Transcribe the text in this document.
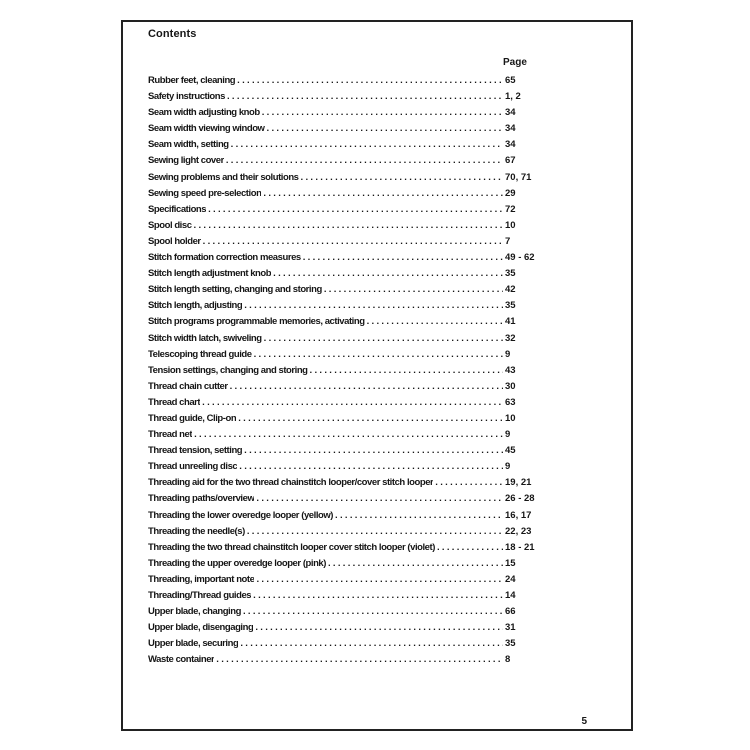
Contents
Page
Rubber feet, cleaning .....	65
Safety instructions .....	1, 2
Seam width adjusting knob .....	34
Seam width viewing window .....	34
Seam width, setting .....	34
Sewing light cover .....	67
Sewing problems and their solutions .....	70, 71
Sewing speed pre-selection .....	29
Specifications .....	72
Spool disc .....	10
Spool holder .....	7
Stitch formation correction measures .....	49 - 62
Stitch length adjustment knob .....	35
Stitch length setting, changing and storing .....	42
Stitch length, adjusting .....	35
Stitch programs programmable memories, activating .....	41
Stitch width latch, swiveling .....	32
Telescoping thread guide .....	9
Tension settings, changing and storing .....	43
Thread chain cutter .....	30
Thread chart .....	63
Thread guide, Clip-on .....	10
Thread net .....	9
Thread tension, setting .....	45
Thread unreeling disc .....	9
Threading aid for the two thread chainstitch looper/cover stitch looper .....	19, 21
Threading paths/overview .....	26 - 28
Threading the lower overedge looper (yellow) .....	16, 17
Threading the needle(s) .....	22, 23
Threading the two thread chainstitch looper cover stitch looper (violet) .....	18 - 21
Threading the upper overedge looper (pink) .....	15
Threading, important note .....	24
Threading/Thread guides .....	14
Upper blade, changing .....	66
Upper blade, disengaging .....	31
Upper blade, securing .....	35
Waste container .....	8
5
